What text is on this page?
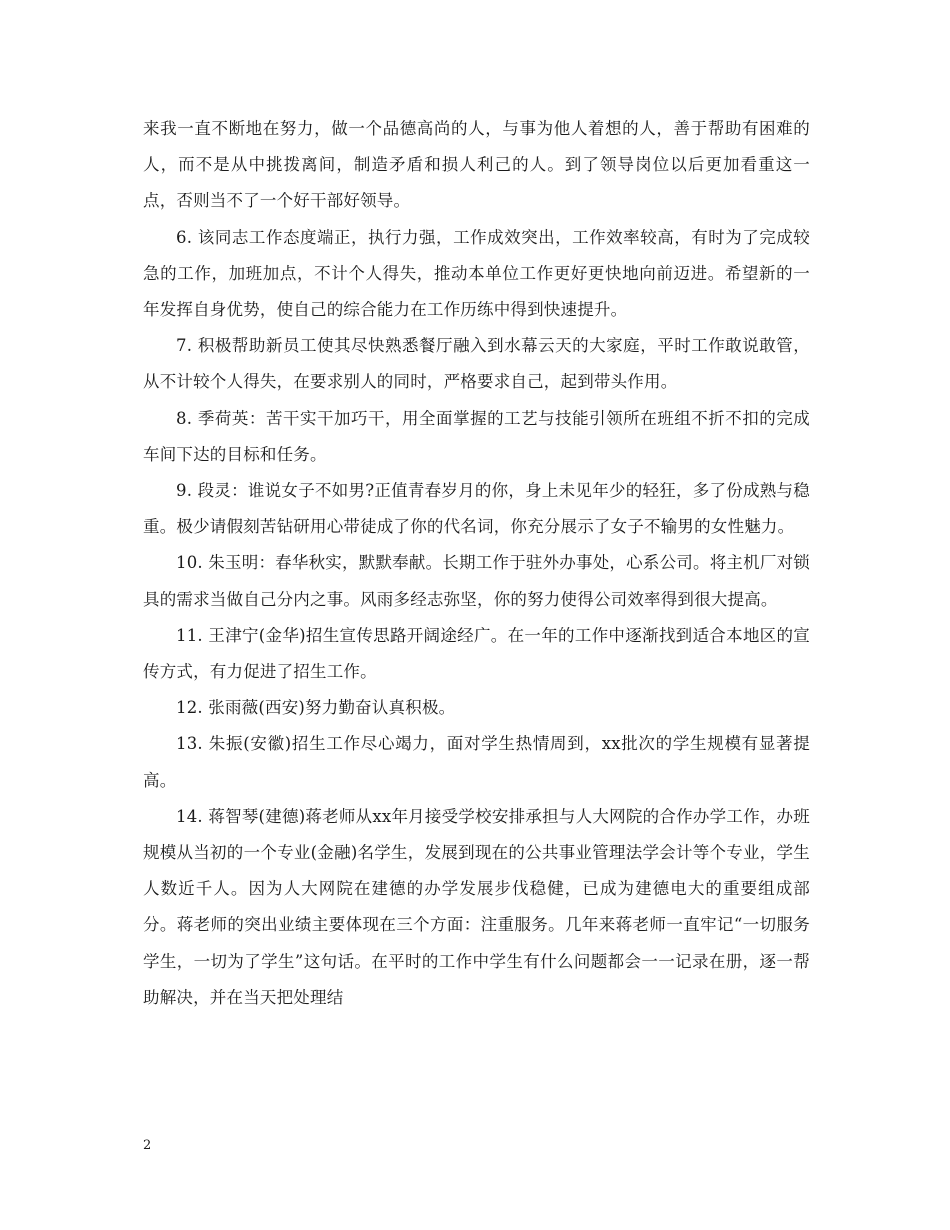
来我一直不断地在努力，做一个品德高尚的人，与事为他人着想的人，善于帮助有困难的人，而不是从中挑拨离间，制造矛盾和损人利己的人。到了领导岗位以后更加看重这一点，否则当不了一个好干部好领导。

6. 该同志工作态度端正，执行力强，工作成效突出，工作效率较高，有时为了完成较急的工作，加班加点，不计个人得失，推动本单位工作更好更快地向前迈进。希望新的一年发挥自身优势，使自己的综合能力在工作历练中得到快速提升。

7. 积极帮助新员工使其尽快熟悉餐厅融入到水幕云天的大家庭，平时工作敢说敢管，从不计较个人得失，在要求别人的同时，严格要求自己，起到带头作用。

8. 季荷英：苦干实干加巧干，用全面掌握的工艺与技能引领所在班组不折不扣的完成车间下达的目标和任务。

9. 段灵：谁说女子不如男?正值青春岁月的你，身上未见年少的轻狂，多了份成熟与稳重。极少请假刻苦钻研用心带徒成了你的代名词，你充分展示了女子不输男的女性魅力。

10. 朱玉明：春华秋实，默默奉献。长期工作于驻外办事处，心系公司。将主机厂对锁具的需求当做自己分内之事。风雨多经志弥坚，你的努力使得公司效率得到很大提高。

11. 王津宁(金华)招生宣传思路开阔途经广。在一年的工作中逐渐找到适合本地区的宣传方式，有力促进了招生工作。

12. 张雨薇(西安)努力勤奋认真积极。

13. 朱振(安徽)招生工作尽心竭力，面对学生热情周到，xx批次的学生规模有显著提高。

14. 蒋智琴(建德)蒋老师从xx年月接受学校安排承担与人大网院的合作办学工作，办班规模从当初的一个专业(金融)名学生，发展到现在的公共事业管理法学会计等个专业，学生人数近千人。因为人大网院在建德的办学发展步伐稳健，已成为建德电大的重要组成部分。蒋老师的突出业绩主要体现在三个方面：注重服务。几年来蒋老师一直牢记“一切服务学生，一切为了学生”这句话。在平时的工作中学生有什么问题都会一一记录在册，逐一帮助解决，并在当天把处理结

2
